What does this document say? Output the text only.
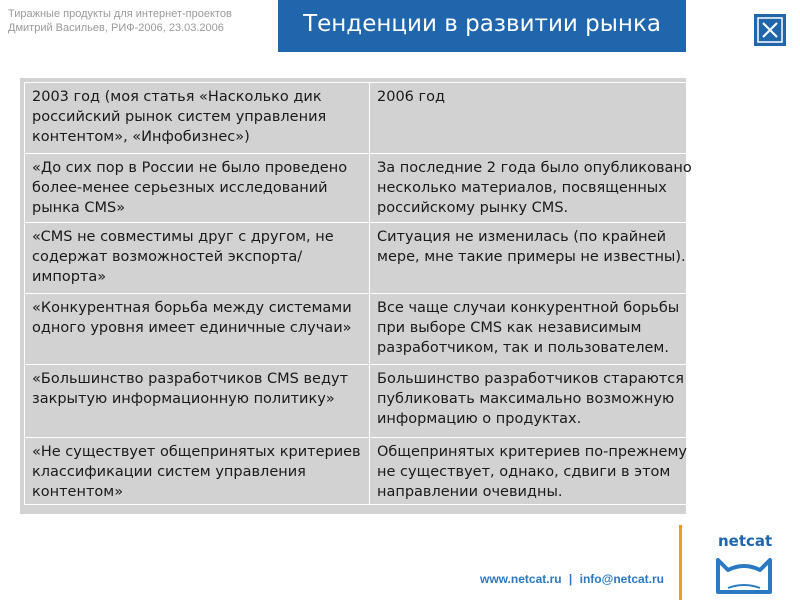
Тиражные продукты для интернет-проектов
Дмитрий Васильев, РИФ-2006, 23.03.2006	Тенденции в развитии рынка
2003 год (моя статья «Насколько дик российский рынок систем управления контентом», «Инфобизнес»)	2006 год
«До сих пор в России не было проведено более-менее серьезных исследований рынка CMS»	За последние 2 года было опубликовано несколько материалов, посвященных российскому рынку CMS.
«CMS не совместимы друг с другом, не содержат возможностей экспорта/импорта»	Ситуация не изменилась (по крайней мере, мне такие примеры не известны).
«Конкурентная борьба между системами одного уровня имеет единичные случаи»	Все чаще случаи конкурентной борьбы при выборе CMS как независимым разработчиком, так и пользователем.
«Большинство разработчиков CMS ведут закрытую информационную политику»	Большинство разработчиков стараются публиковать максимально возможную информацию о продуктах.
«Не существует общепринятых критериев классификации систем управления контентом»	Общепринятых критериев по-прежнему не существует, однако, сдвиги в этом направлении очевидны.
www.netcat.ru | info@netcat.ru
netcat
